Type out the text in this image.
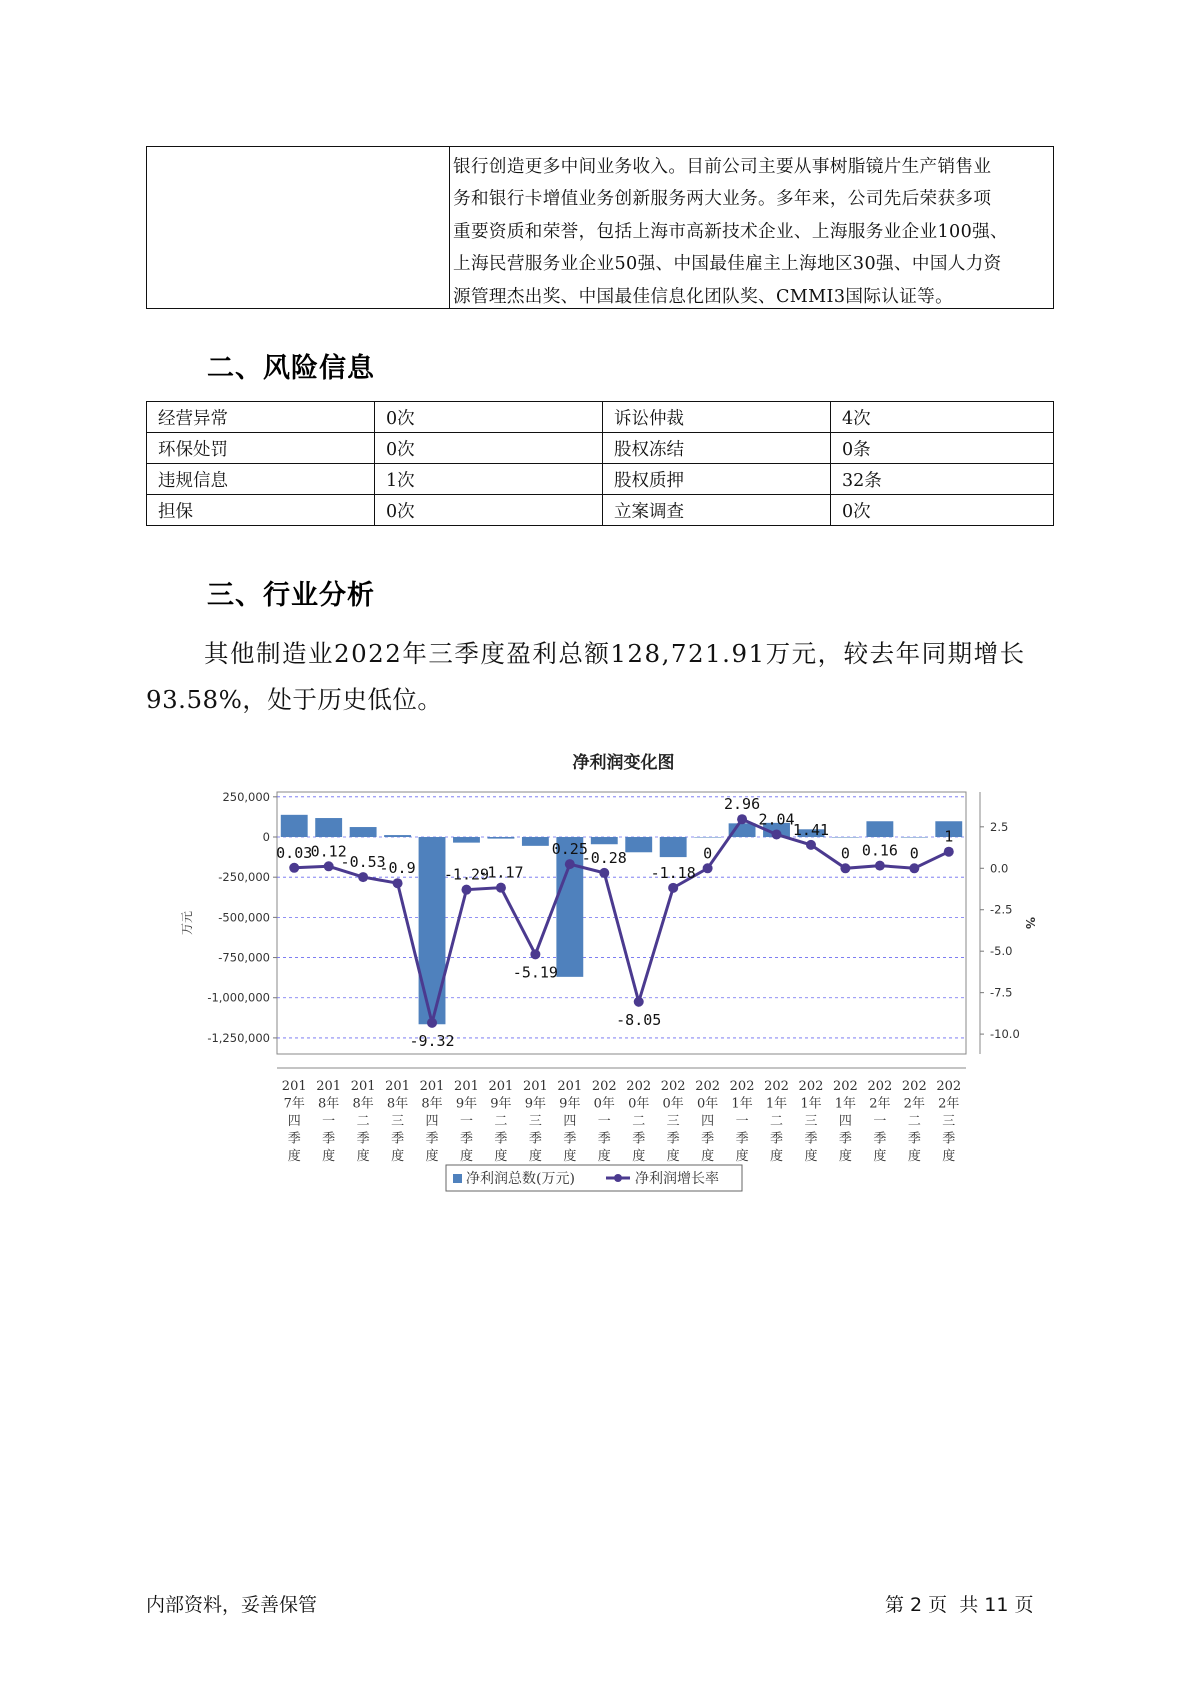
银行创造更多中间业务收入。目前公司主要从事树脂镜片生产销售业
务和银行卡增值业务创新服务两大业务。多年来，公司先后荣获多项
重要资质和荣誉，包括上海市高新技术企业、上海服务业企业100强、
上海民营服务业企业50强、中国最佳雇主上海地区30强、中国人力资
源管理杰出奖、中国最佳信息化团队奖、CMMI3国际认证等。
二、风险信息
经营异常	0次	诉讼仲裁	4次
环保处罚	0次	股权冻结	0条
违规信息	1次	股权质押	32条
担保	0次	立案调查	0次
三、行业分析

其他制造业2022年三季度盈利总额128,721.91万元，较去年同期增长
93.58%，处于历史低位。

净利润变化图
250,000
0
-250,000
-500,000
-750,000
-1,000,000
-1,250,000
2.5
0.0
-2.5
-5.0
-7.5
-10.0
万元	%
201
7年
四
季
度
201
8年
一
季
度
201
8年
二
季
度
201
8年
三
季
度
201
8年
四
季
度
201
9年
一
季
度
201
9年
二
季
度
201
9年
三
季
度
201
9年
四
季
度
202
0年
一
季
度
202
0年
二
季
度
202
0年
三
季
度
202
0年
四
季
度
202
1年
一
季
度
202
1年
二
季
度
202
1年
三
季
度
202
1年
四
季
度
202
2年
一
季
度
202
2年
二
季
度
202
2年
三
季
度
0.03
0.12
-0.53
-0.9
-9.32
-1.29
-1.17
-5.19
0.25
-0.28
-8.05
-1.18
0
2.96
2.04
1.41
0 0.16 0
1
净利润总数(万元)	净利润增长率
内部资料，妥善保管	第 2 页  共 11 页
